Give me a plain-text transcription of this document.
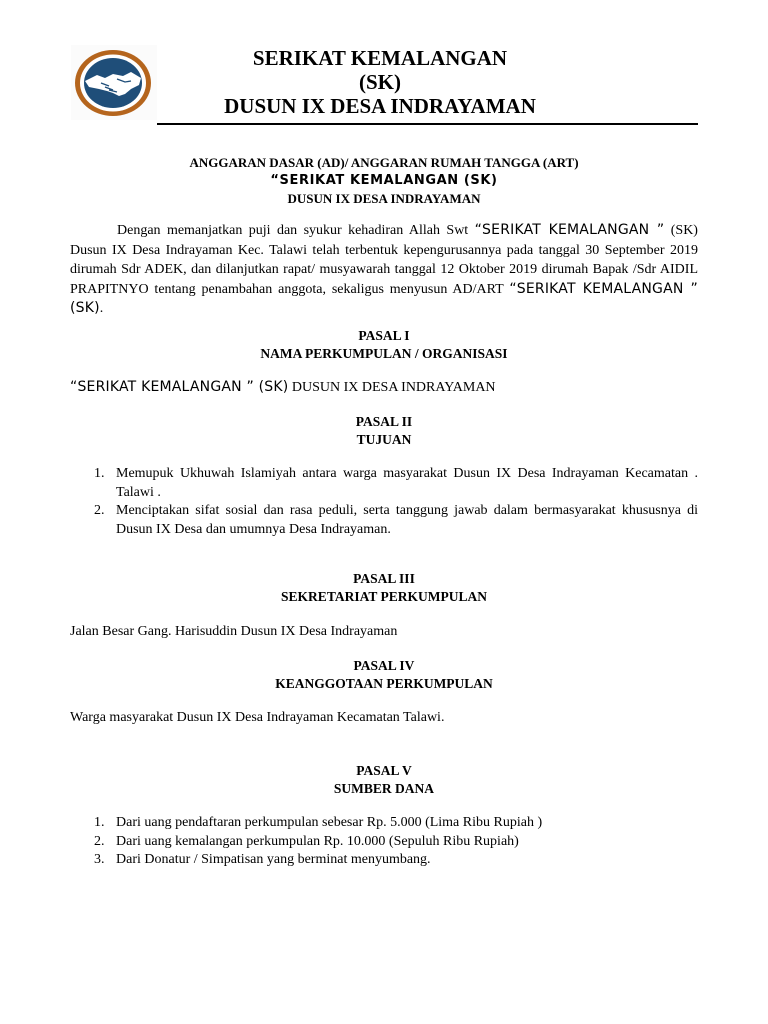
SERIKAT KEMALANGAN
(SK)
DUSUN IX DESA INDRAYAMAN
ANGGARAN DASAR (AD)/ ANGGARAN RUMAH TANGGA (ART)
“SERIKAT KEMALANGAN (SK)
DUSUN IX DESA INDRAYAMAN
Dengan memanjatkan puji dan syukur kehadiran Allah Swt “SERIKAT KEMALANGAN ” (SK) Dusun IX Desa Indrayaman Kec. Talawi telah terbentuk kepengurusannya pada tanggal 30 September 2019 dirumah Sdr ADEK, dan dilanjutkan rapat/ musyawarah tanggal 12 Oktober 2019 dirumah Bapak /Sdr AIDIL PRAPITNYO tentang penambahan anggota, sekaligus menyusun AD/ART “SERIKAT KEMALANGAN ” (SK).
PASAL I
NAMA PERKUMPULAN / ORGANISASI
“SERIKAT KEMALANGAN ” (SK) DUSUN IX DESA INDRAYAMAN
PASAL II
TUJUAN
1. Memupuk Ukhuwah Islamiyah antara warga masyarakat Dusun IX Desa Indrayaman Kecamatan . Talawi .
2. Menciptakan sifat sosial dan rasa peduli, serta tanggung jawab dalam bermasyarakat khususnya di Dusun IX Desa dan umumnya Desa Indrayaman.
PASAL III
SEKRETARIAT PERKUMPULAN
Jalan Besar Gang. Harisuddin Dusun IX Desa Indrayaman
PASAL IV
KEANGGOTAAN PERKUMPULAN
Warga masyarakat Dusun IX Desa Indrayaman Kecamatan Talawi.
PASAL V
SUMBER DANA
1. Dari uang pendaftaran perkumpulan sebesar Rp. 5.000 (Lima Ribu Rupiah )
2. Dari uang kemalangan perkumpulan Rp. 10.000 (Sepuluh Ribu Rupiah)
3. Dari Donatur / Simpatisan yang berminat menyumbang.
